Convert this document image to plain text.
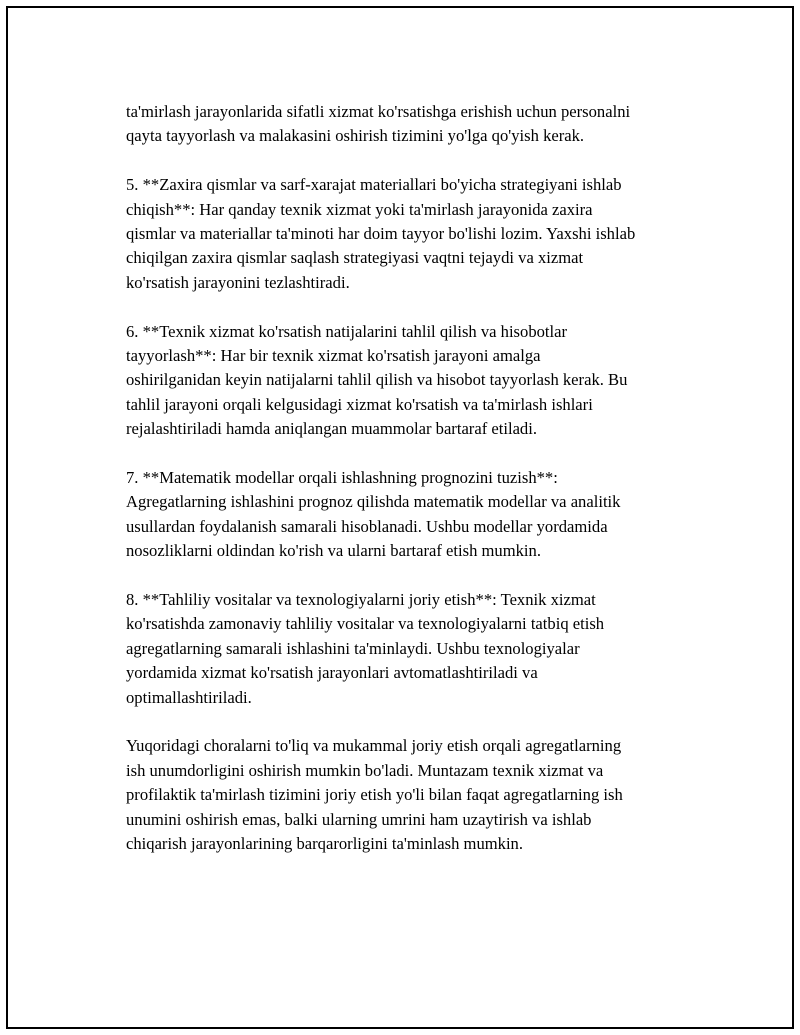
ta'mirlash jarayonlarida sifatli xizmat ko'rsatishga erishish uchun personalni
qayta tayyorlash va malakasini oshirish tizimini yo'lga qo'yish kerak.

5. **Zaxira qismlar va sarf-xarajat materiallari bo'yicha strategiyani ishlab
chiqish**: Har qanday texnik xizmat yoki ta'mirlash jarayonida zaxira
qismlar va materiallar ta'minoti har doim tayyor bo'lishi lozim. Yaxshi ishlab
chiqilgan zaxira qismlar saqlash strategiyasi vaqtni tejaydi va xizmat
ko'rsatish jarayonini tezlashtiradi.

6. **Texnik xizmat ko'rsatish natijalarini tahlil qilish va hisobotlar
tayyorlash**: Har bir texnik xizmat ko'rsatish jarayoni amalga
oshirilganidan keyin natijalarni tahlil qilish va hisobot tayyorlash kerak. Bu
tahlil jarayoni orqali kelgusidagi xizmat ko'rsatish va ta'mirlash ishlari
rejalashtiriladi hamda aniqlangan muammolar bartaraf etiladi.

7. **Matematik modellar orqali ishlashning prognozini tuzish**:
Agregatlarning ishlashini prognoz qilishda matematik modellar va analitik
usullardan foydalanish samarali hisoblanadi. Ushbu modellar yordamida
nosozliklarni oldindan ko'rish va ularni bartaraf etish mumkin.

8. **Tahliliy vositalar va texnologiyalarni joriy etish**: Texnik xizmat
ko'rsatishda zamonaviy tahliliy vositalar va texnologiyalarni tatbiq etish
agregatlarning samarali ishlashini ta'minlaydi. Ushbu texnologiyalar
yordamida xizmat ko'rsatish jarayonlari avtomatlashtiriladi va
optimallashtiriladi.

Yuqoridagi choralarni to'liq va mukammal joriy etish orqali agregatlarning
ish unumdorligini oshirish mumkin bo'ladi. Muntazam texnik xizmat va
profilaktik ta'mirlash tizimini joriy etish yo'li bilan faqat agregatlarning ish
unumini oshirish emas, balki ularning umrini ham uzaytirish va ishlab
chiqarish jarayonlarining barqarorligini ta'minlash mumkin.
